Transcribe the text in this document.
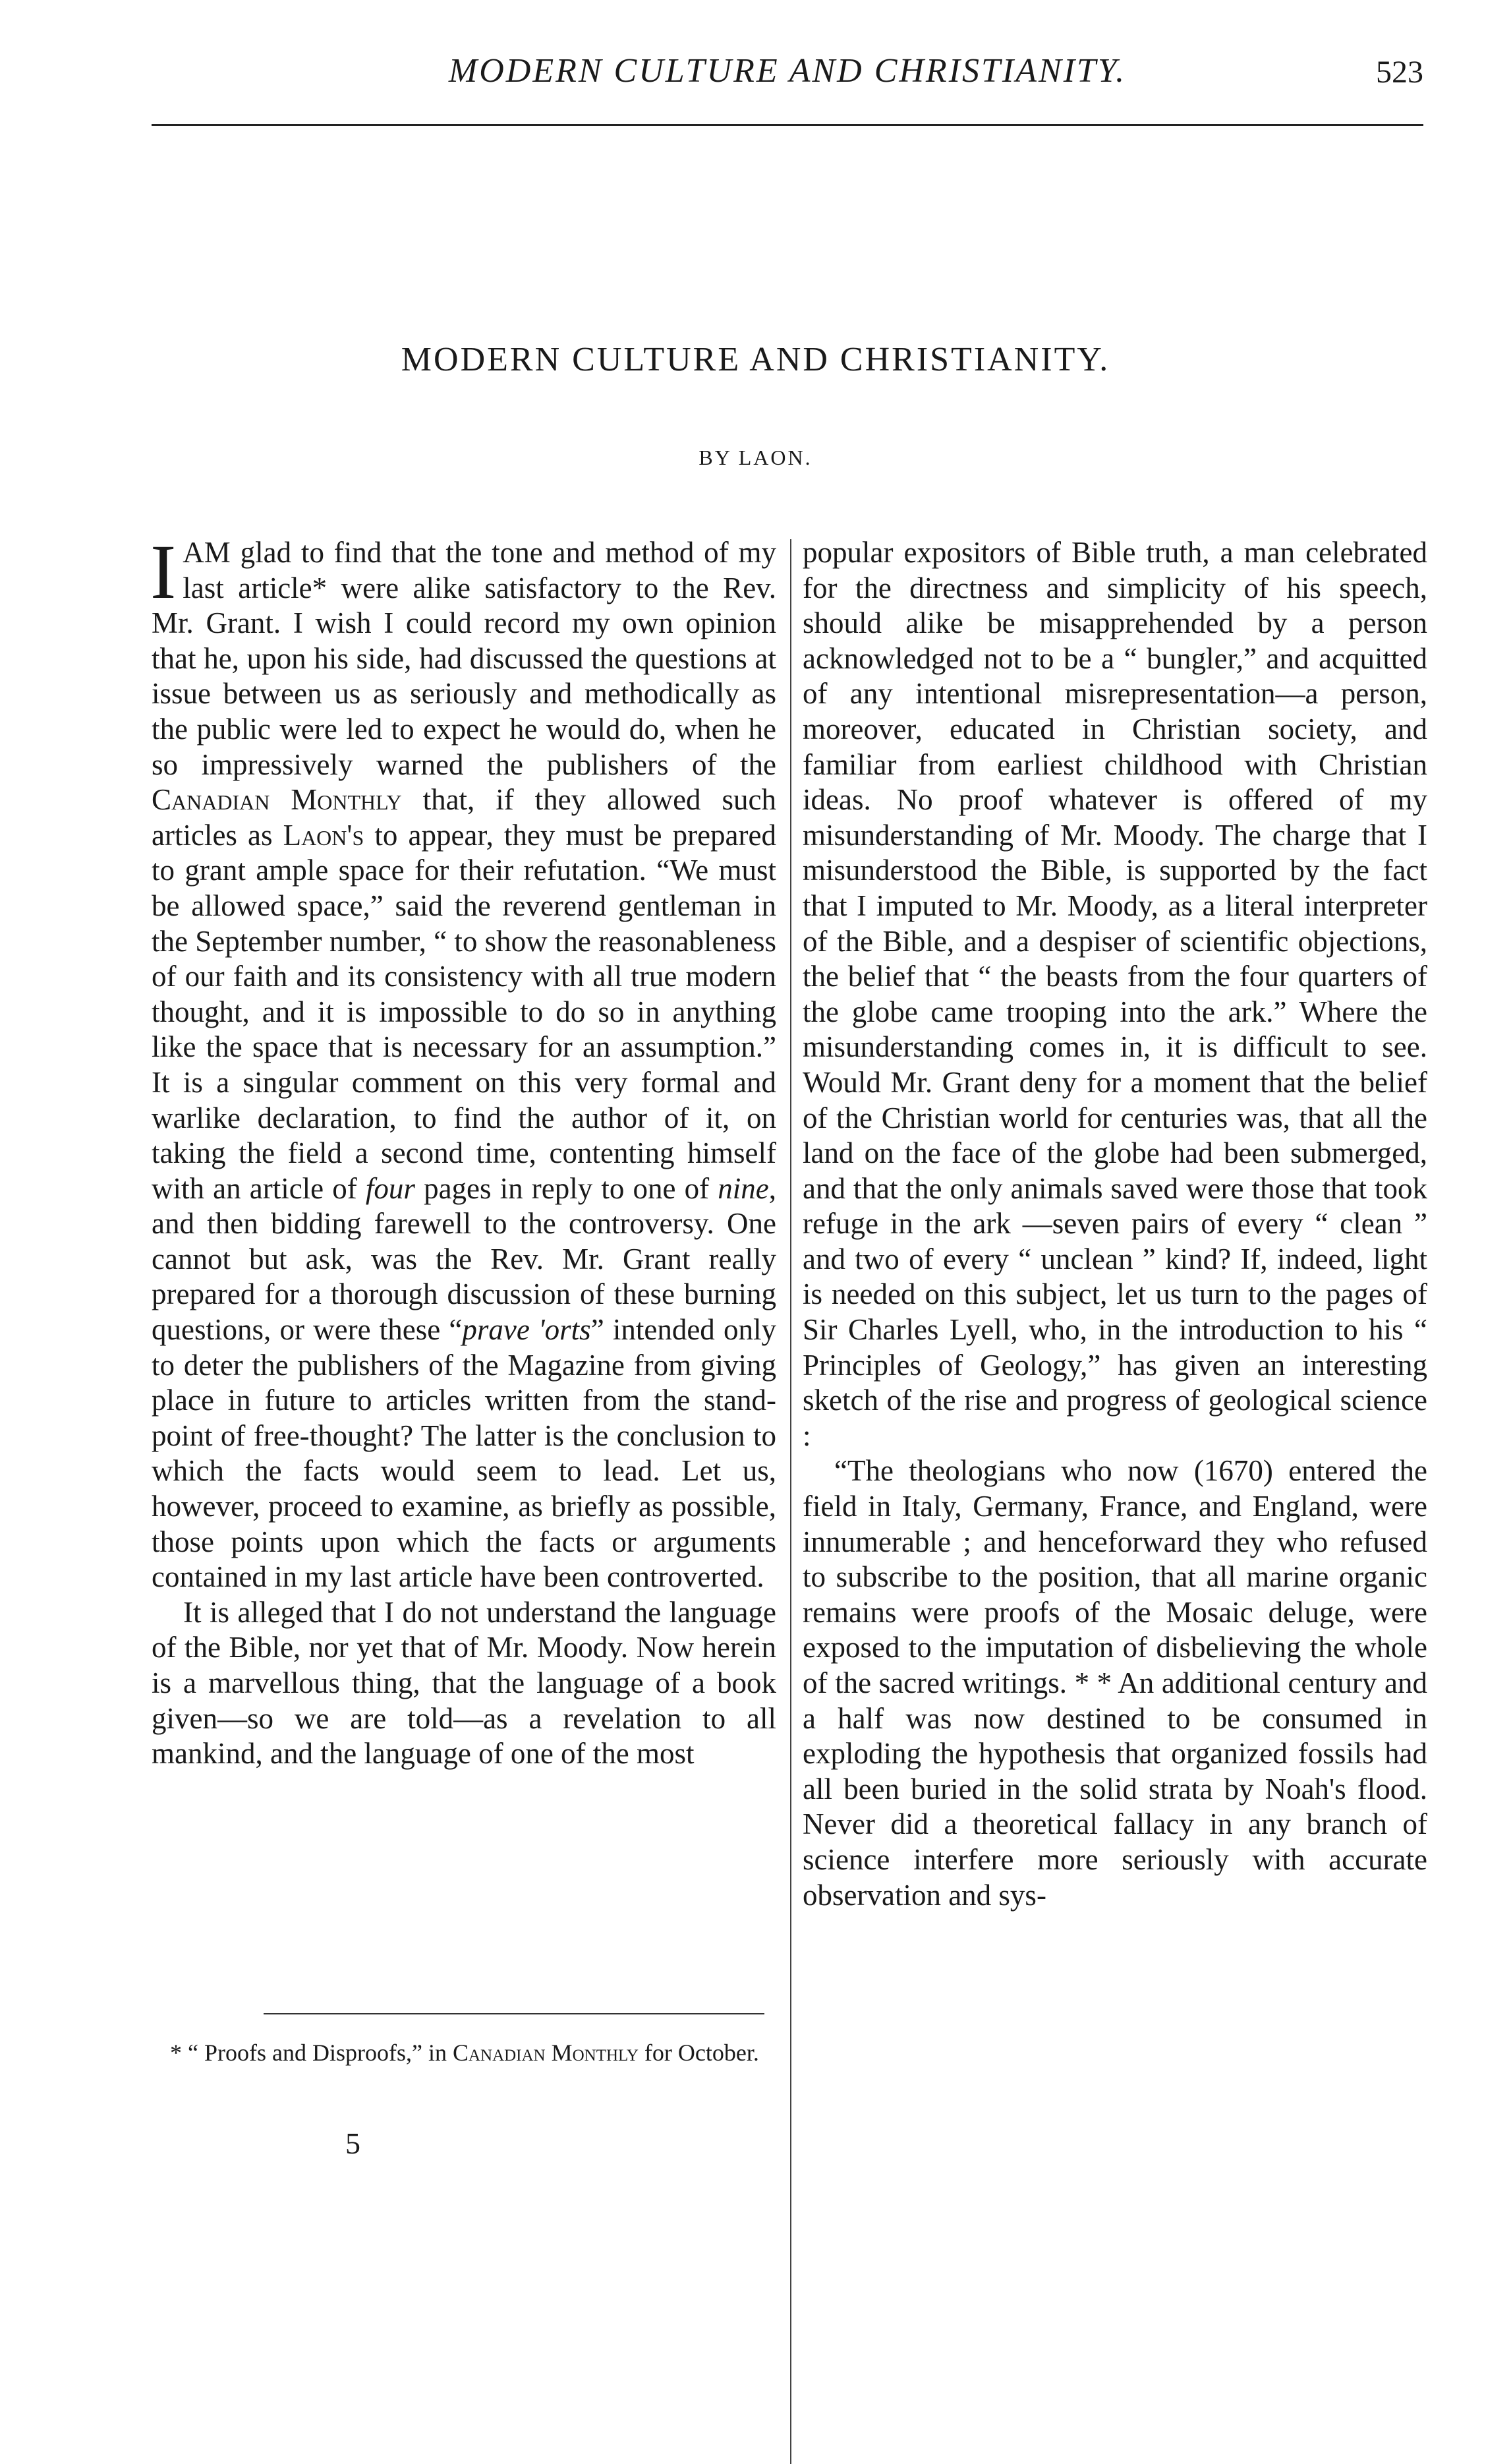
MODERN CULTURE AND CHRISTIANITY.	523
MODERN CULTURE AND CHRISTIANITY.
BY LAON.

I AM glad to find that the tone and method of my last article* were alike satisfactory to the Rev. Mr. Grant. I wish I could record my own opinion that he, upon his side, had discussed the questions at issue between us as seriously and methodically as the public were led to expect he would do, when he so impressively warned the publishers of the Canadian Monthly that, if they allowed such articles as Laon's to appear, they must be prepared to grant ample space for their refutation. “We must be allowed space,” said the reverend gentleman in the September number, “ to show the reasonableness of our faith and its consistency with all true modern thought, and it is impossible to do so in anything like the space that is necessary for an assumption.” It is a singular comment on this very formal and warlike declaration, to find the author of it, on taking the field a second time, contenting himself with an article of four pages in reply to one of nine, and then bidding farewell to the controversy. One cannot but ask, was the Rev. Mr. Grant really prepared for a thorough discussion of these burning questions, or were these “prave 'orts” intended only to deter the publishers of the Magazine from giving place in future to articles written from the stand-point of free-thought? The latter is the conclusion to which the facts would seem to lead. Let us, however, proceed to examine, as briefly as possible, those points upon which the facts or arguments contained in my last article have been controverted.

It is alleged that I do not understand the language of the Bible, nor yet that of Mr. Moody. Now herein is a marvellous thing, that the language of a book given—so we are told—as a revelation to all mankind, and the language of one of the most

popular expositors of Bible truth, a man celebrated for the directness and simplicity of his speech, should alike be misapprehended by a person acknowledged not to be a “ bungler,” and acquitted of any intentional misrepresentation—a person, moreover, educated in Christian society, and familiar from earliest childhood with Christian ideas. No proof whatever is offered of my misunderstanding of Mr. Moody. The charge that I misunderstood the Bible, is supported by the fact that I imputed to Mr. Moody, as a literal interpreter of the Bible, and a despiser of scientific objections, the belief that “ the beasts from the four quarters of the globe came trooping into the ark.” Where the misunderstanding comes in, it is difficult to see. Would Mr. Grant deny for a moment that the belief of the Christian world for centuries was, that all the land on the face of the globe had been submerged, and that the only animals saved were those that took refuge in the ark —seven pairs of every “ clean ” and two of every “ unclean ” kind? If, indeed, light is needed on this subject, let us turn to the pages of Sir Charles Lyell, who, in the introduction to his “ Principles of Geology,” has given an interesting sketch of the rise and progress of geological science :

“The theologians who now (1670) entered the field in Italy, Germany, France, and England, were innumerable ; and henceforward they who refused to subscribe to the position, that all marine organic remains were proofs of the Mosaic deluge, were exposed to the imputation of disbelieving the whole of the sacred writings. * * An additional century and a half was now destined to be consumed in exploding the hypothesis that organized fossils had all been buried in the solid strata by Noah's flood. Never did a theoretical fallacy in any branch of science interfere more seriously with accurate observation and sys-

* “ Proofs and Disproofs,” in Canadian Monthly for October.
5
